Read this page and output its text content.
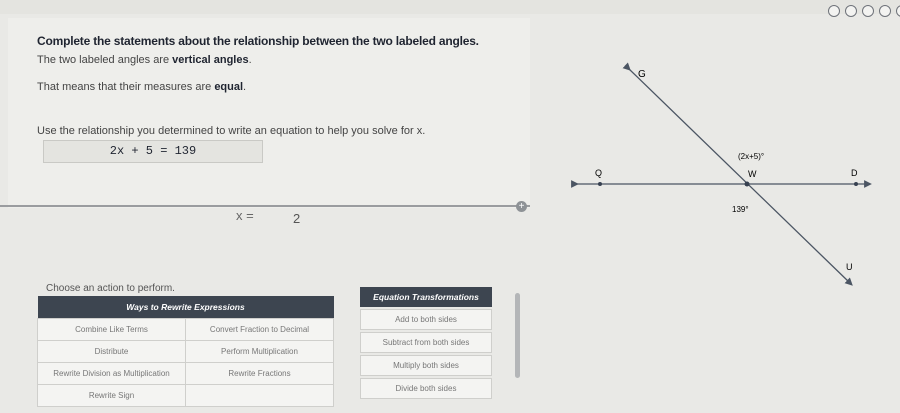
Complete the statements about the relationship between the two labeled angles.
The two labeled angles are vertical angles.
That means that their measures are equal.
Use the relationship you determined to write an equation to help you solve for x.
2x + 5 = 139
+
x =	2
Choose an action to perform.
Ways to Rewrite Expressions	
Combine Like Terms	Convert Fraction to Decimal
Distribute	Perform Multiplication
Rewrite Division as Multiplication	Rewrite Fractions
Rewrite Sign	
Equation Transformations
Add to both sides
Subtract from both sides
Multiply both sides
Divide both sides
G
Q	W	D
U
(2x+5)°
139°
